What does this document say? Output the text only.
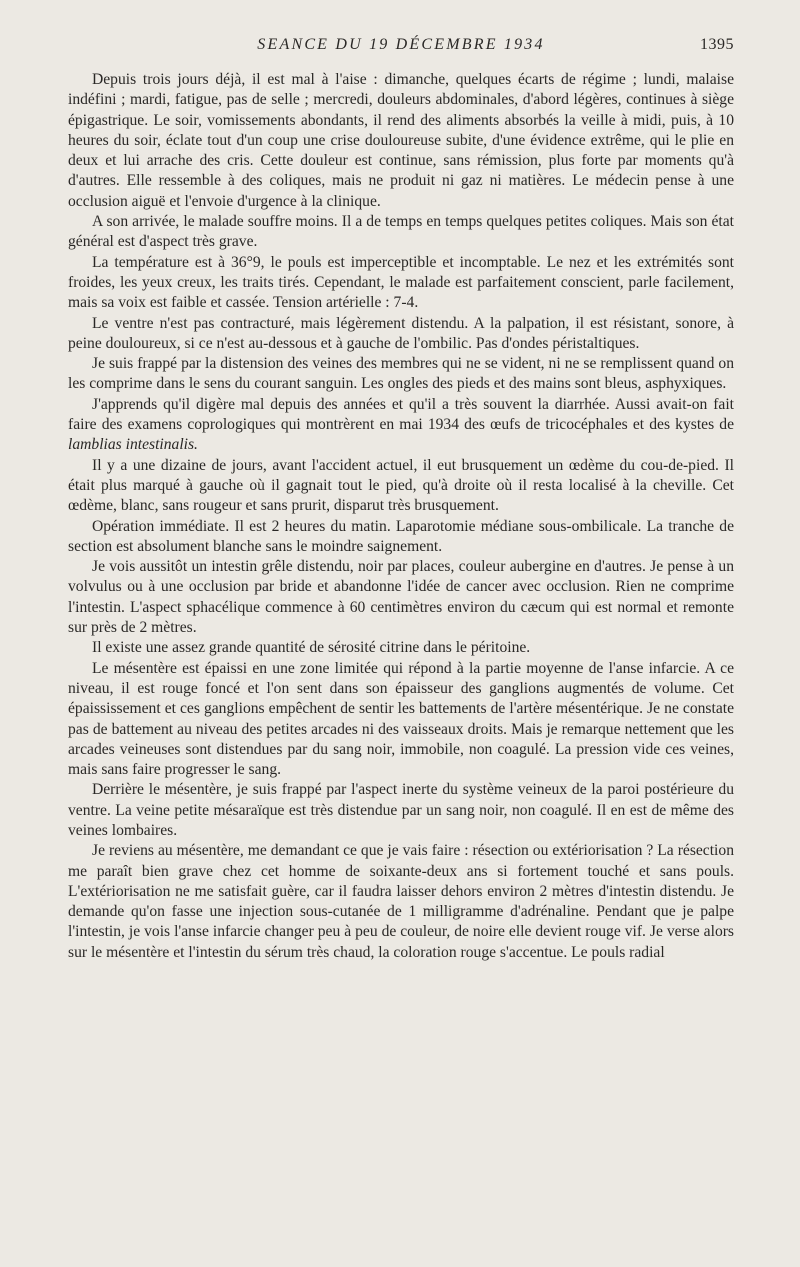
SEANCE DU 19 DÉCEMBRE 1934	1395

Depuis trois jours déjà, il est mal à l'aise : dimanche, quelques écarts de régime ; lundi, malaise indéfini ; mardi, fatigue, pas de selle ; mercredi, douleurs abdominales, d'abord légères, continues à siège épigastrique. Le soir, vomissements abondants, il rend des aliments absorbés la veille à midi, puis, à 10 heures du soir, éclate tout d'un coup une crise douloureuse subite, d'une évidence extrême, qui le plie en deux et lui arrache des cris. Cette douleur est continue, sans rémission, plus forte par moments qu'à d'autres. Elle ressemble à des coliques, mais ne produit ni gaz ni matières. Le médecin pense à une occlusion aiguë et l'envoie d'urgence à la clinique.

A son arrivée, le malade souffre moins. Il a de temps en temps quelques petites coliques. Mais son état général est d'aspect très grave.

La température est à 36°9, le pouls est imperceptible et incomptable. Le nez et les extrémités sont froides, les yeux creux, les traits tirés. Cependant, le malade est parfaitement conscient, parle facilement, mais sa voix est faible et cassée. Tension artérielle : 7-4.

Le ventre n'est pas contracturé, mais légèrement distendu. A la palpation, il est résistant, sonore, à peine douloureux, si ce n'est au-dessous et à gauche de l'ombilic. Pas d'ondes péristaltiques.

Je suis frappé par la distension des veines des membres qui ne se vident, ni ne se remplissent quand on les comprime dans le sens du courant sanguin. Les ongles des pieds et des mains sont bleus, asphyxiques.

J'apprends qu'il digère mal depuis des années et qu'il a très souvent la diarrhée. Aussi avait-on fait faire des examens coprologiques qui montrèrent en mai 1934 des œufs de tricocéphales et des kystes de lamblias intestinalis.

Il y a une dizaine de jours, avant l'accident actuel, il eut brusquement un œdème du cou-de-pied. Il était plus marqué à gauche où il gagnait tout le pied, qu'à droite où il resta localisé à la cheville. Cet œdème, blanc, sans rougeur et sans prurit, disparut très brusquement.

Opération immédiate. Il est 2 heures du matin. Laparotomie médiane sous-ombilicale. La tranche de section est absolument blanche sans le moindre saignement.

Je vois aussitôt un intestin grêle distendu, noir par places, couleur aubergine en d'autres. Je pense à un volvulus ou à une occlusion par bride et abandonne l'idée de cancer avec occlusion. Rien ne comprime l'intestin. L'aspect sphacélique commence à 60 centimètres environ du cæcum qui est normal et remonte sur près de 2 mètres.

Il existe une assez grande quantité de sérosité citrine dans le péritoine.

Le mésentère est épaissi en une zone limitée qui répond à la partie moyenne de l'anse infarcie. A ce niveau, il est rouge foncé et l'on sent dans son épaisseur des ganglions augmentés de volume. Cet épaississement et ces ganglions empêchent de sentir les battements de l'artère mésentérique. Je ne constate pas de battement au niveau des petites arcades ni des vaisseaux droits. Mais je remarque nettement que les arcades veineuses sont distendues par du sang noir, immobile, non coagulé. La pression vide ces veines, mais sans faire progresser le sang.

Derrière le mésentère, je suis frappé par l'aspect inerte du système veineux de la paroi postérieure du ventre. La veine petite mésaraïque est très distendue par un sang noir, non coagulé. Il en est de même des veines lombaires.

Je reviens au mésentère, me demandant ce que je vais faire : résection ou extériorisation ? La résection me paraît bien grave chez cet homme de soixante-deux ans si fortement touché et sans pouls. L'extériorisation ne me satisfait guère, car il faudra laisser dehors environ 2 mètres d'intestin distendu. Je demande qu'on fasse une injection sous-cutanée de 1 milligramme d'adrénaline. Pendant que je palpe l'intestin, je vois l'anse infarcie changer peu à peu de couleur, de noire elle devient rouge vif. Je verse alors sur le mésentère et l'intestin du sérum très chaud, la coloration rouge s'accentue. Le pouls radial
